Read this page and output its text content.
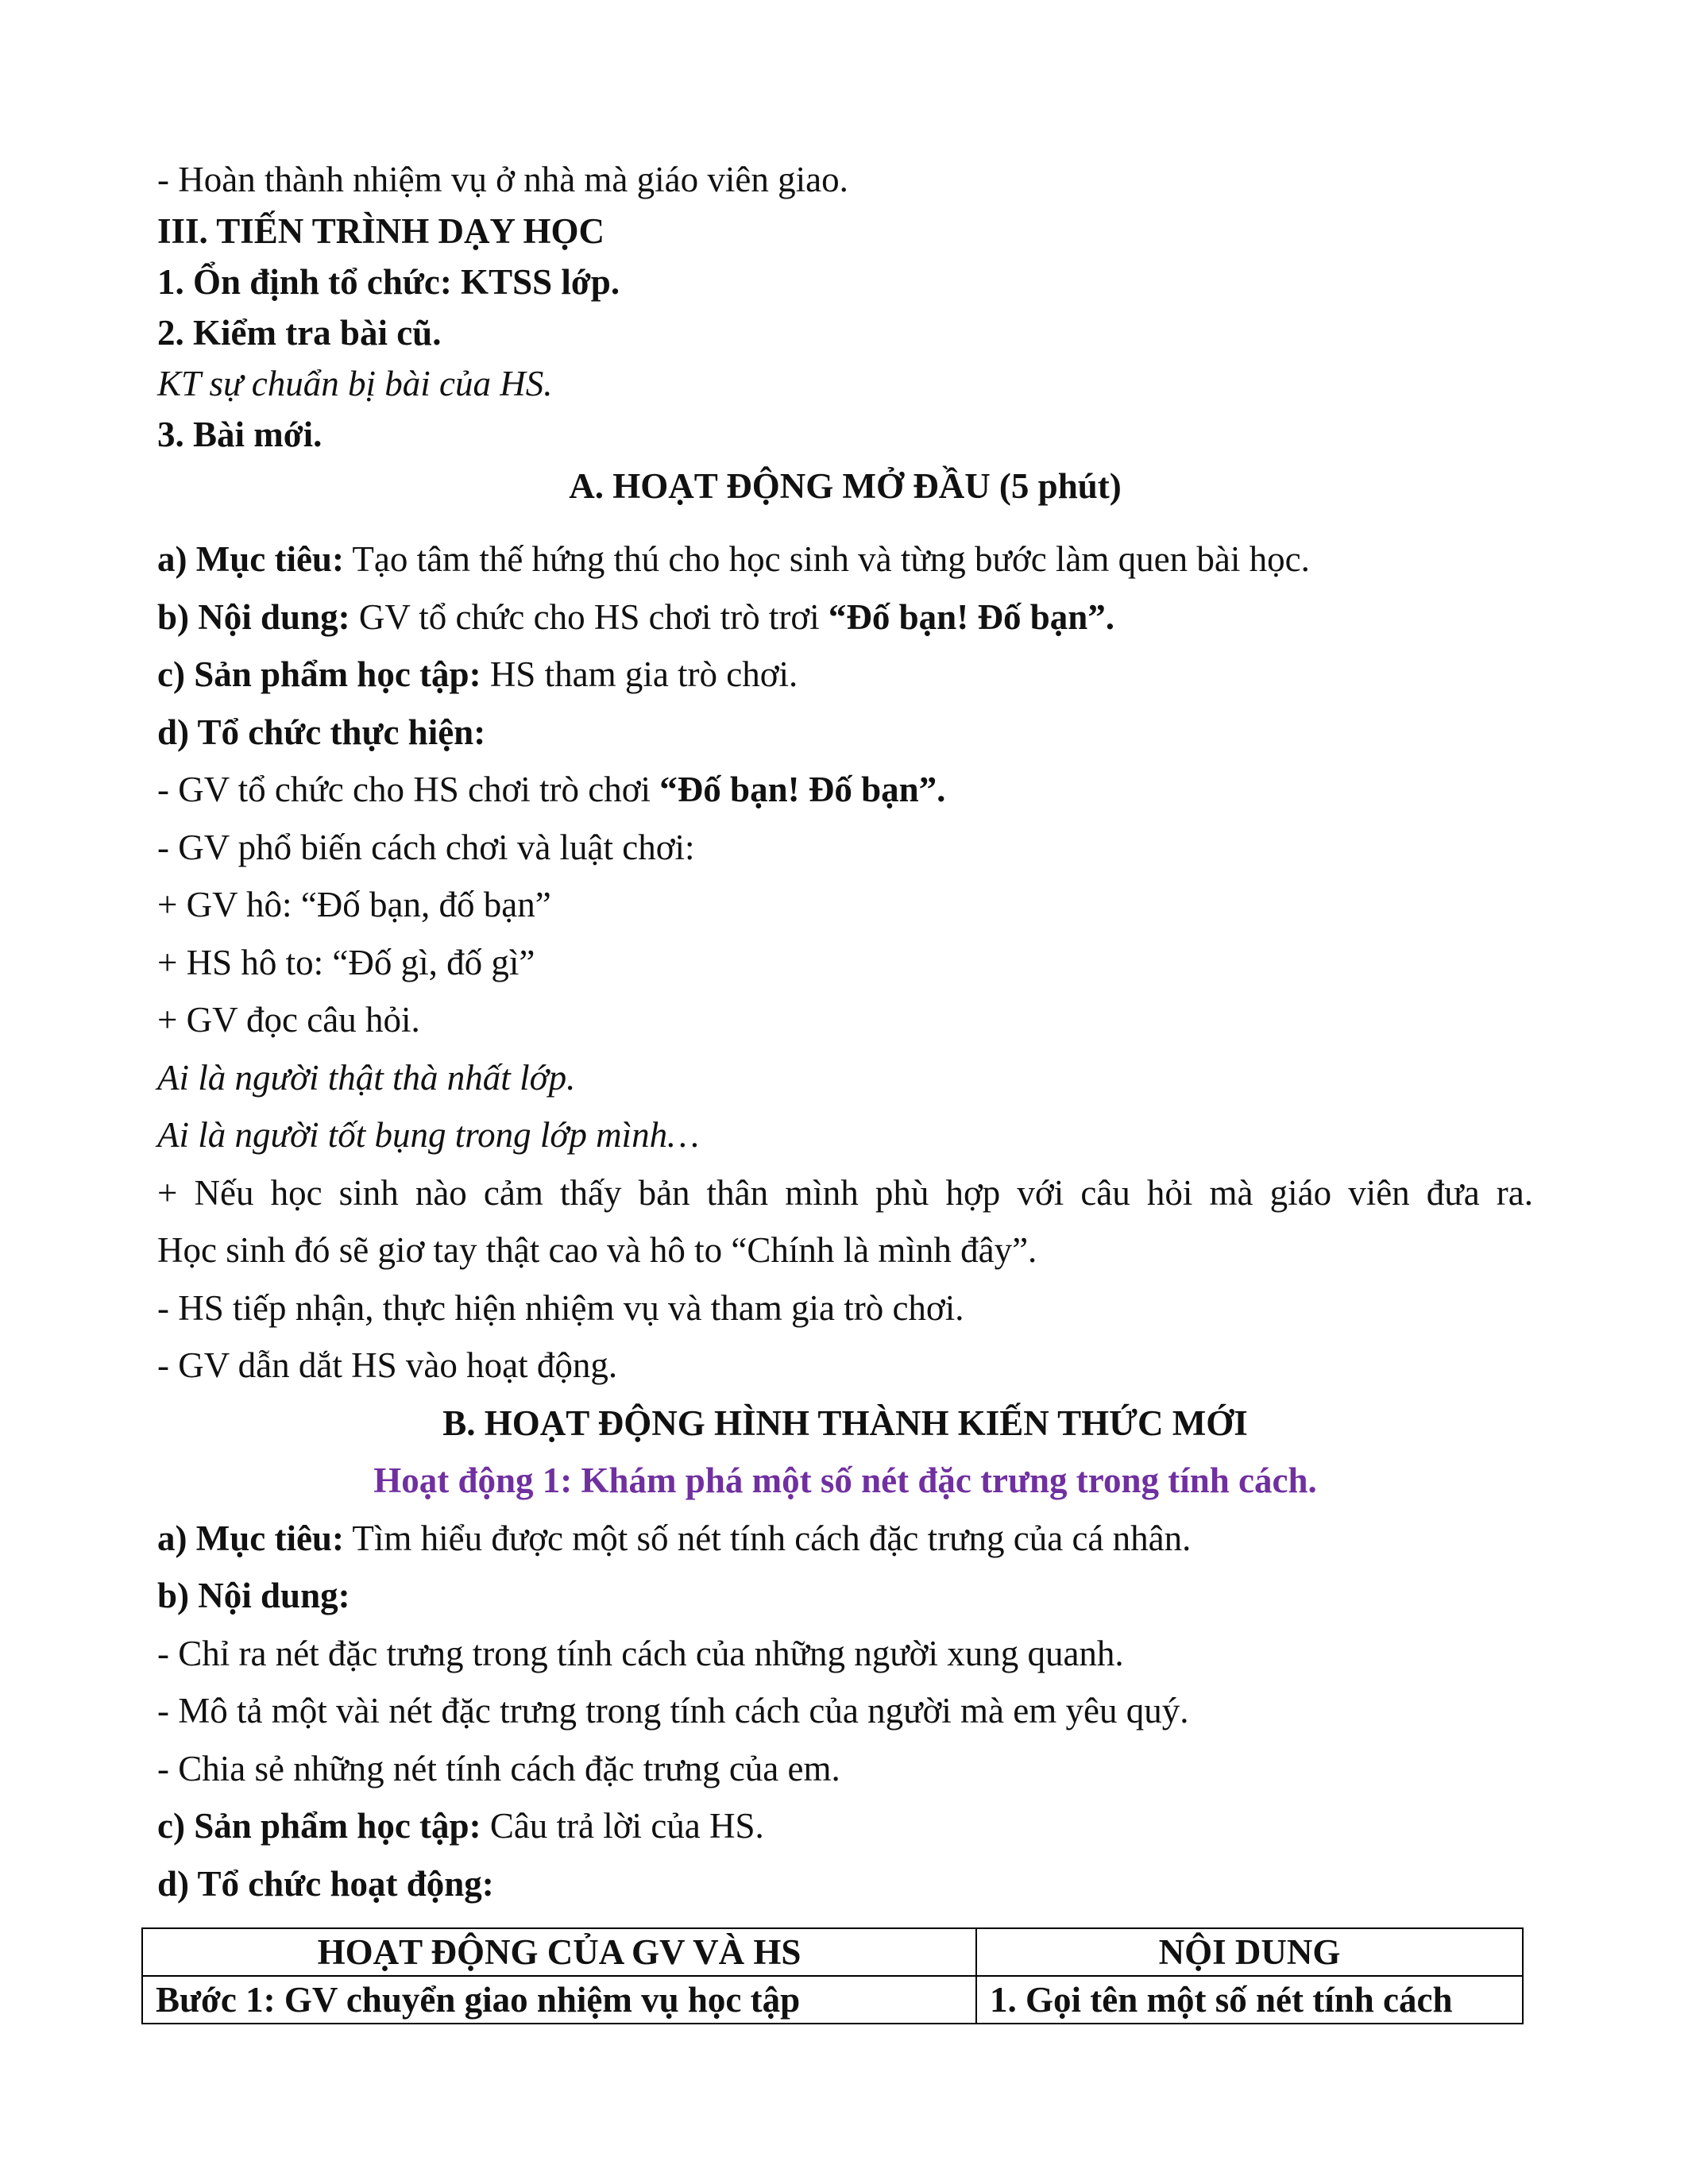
- Hoàn thành nhiệm vụ ở nhà mà giáo viên giao.
III. TIẾN TRÌNH DẠY HỌC
1. Ổn định tổ chức: KTSS lớp.
2. Kiểm tra bài cũ.
KT sự chuẩn bị bài của HS.
3. Bài mới.
A. HOẠT ĐỘNG MỞ ĐẦU (5 phút)
a) Mục tiêu: Tạo tâm thế hứng thú cho học sinh và từng bước làm quen bài học.
b) Nội dung: GV tổ chức cho HS chơi trò trơi “Đố bạn! Đố bạn”.
c) Sản phẩm học tập: HS tham gia trò chơi.
d) Tổ chức thực hiện:
- GV tổ chức cho HS chơi trò chơi “Đố bạn! Đố bạn”.
- GV phổ biến cách chơi và luật chơi:
+ GV hô: “Đố bạn, đố bạn”
+ HS hô to: “Đố gì, đố gì”
+ GV đọc câu hỏi.
Ai là người thật thà nhất lớp.
Ai là người tốt bụng trong lớp mình…
+ Nếu học sinh nào cảm thấy bản thân mình phù hợp với câu hỏi mà giáo viên đưa ra.
Học sinh đó sẽ giơ tay thật cao và hô to “Chính là mình đây”.
- HS tiếp nhận, thực hiện nhiệm vụ và tham gia trò chơi.
- GV dẫn dắt HS vào hoạt động.
B. HOẠT ĐỘNG HÌNH THÀNH KIẾN THỨC MỚI
Hoạt động 1: Khám phá một số nét đặc trưng trong tính cách.
a) Mục tiêu: Tìm hiểu được một số nét tính cách đặc trưng của cá nhân.
b) Nội dung:
- Chỉ ra nét đặc trưng trong tính cách của những người xung quanh.
- Mô tả một vài nét đặc trưng trong tính cách của người mà em yêu quý.
- Chia sẻ những nét tính cách đặc trưng của em.
c) Sản phẩm học tập: Câu trả lời của HS.
d) Tổ chức hoạt động:
HOẠT ĐỘNG CỦA GV VÀ HS	NỘI DUNG
Bước 1: GV chuyển giao nhiệm vụ học tập	1. Gọi tên một số nét tính cách
